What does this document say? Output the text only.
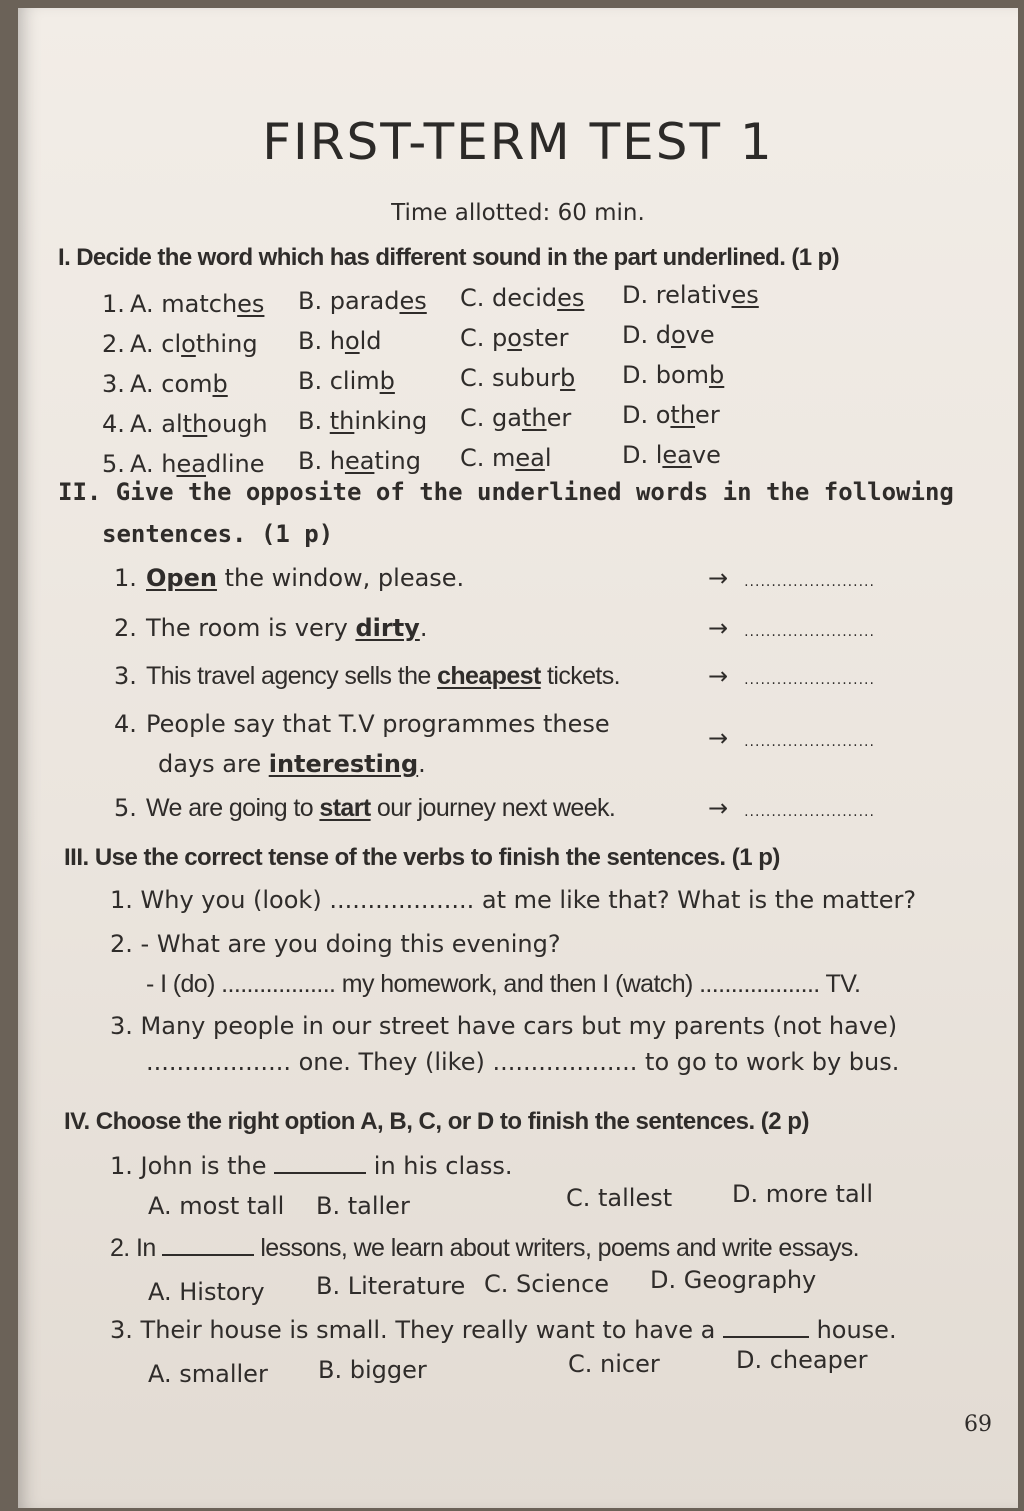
FIRST-TERM TEST 1
Time allotted: 60 min.
I. Decide the word which has different sound in the part underlined. (1 p)
1. A. matches B. parades C. decides D. relatives
2. A. clothing B. hold	C. poster D. dove
3. A. comb	B. climb	C. suburb D. bomb
4. A. although B. thinking C. gather D. other
5. A. headline B. heating C. meal	D. leave
II. Give the opposite of the underlined words in the following
sentences. (1 p)
1. Open the window, please.	→ ........................
2. The room is very dirty.	→ ........................
3. This travel agency sells the cheapest tickets.	→ ........................
4. People say that T.V programmes these
days are interesting.
→ ........................
5. We are going to start our journey next week.	→ ........................
III. Use the correct tense of the verbs to finish the sentences. (1 p)
1. Why you (look) ................... at me like that? What is the matter?
2. - What are you doing this evening?
- I (do) .................. my homework, and then I (watch) ................... TV.
3. Many people in our street have cars but my parents (not have)
................... one. They (like) ................... to go to work by bus.
IV. Choose the right option A, B, C, or D to finish the sentences. (2 p)
1. John is the	in his class.
A. most tall B. taller	C. tallest D. more tall
2. In	lessons, we learn about writers, poems and write essays.
A. History B. Literature C. Science D. Geography
3. Their house is small. They really want to have a	house.
A. smaller B. bigger	C. nicer	D. cheaper
69
